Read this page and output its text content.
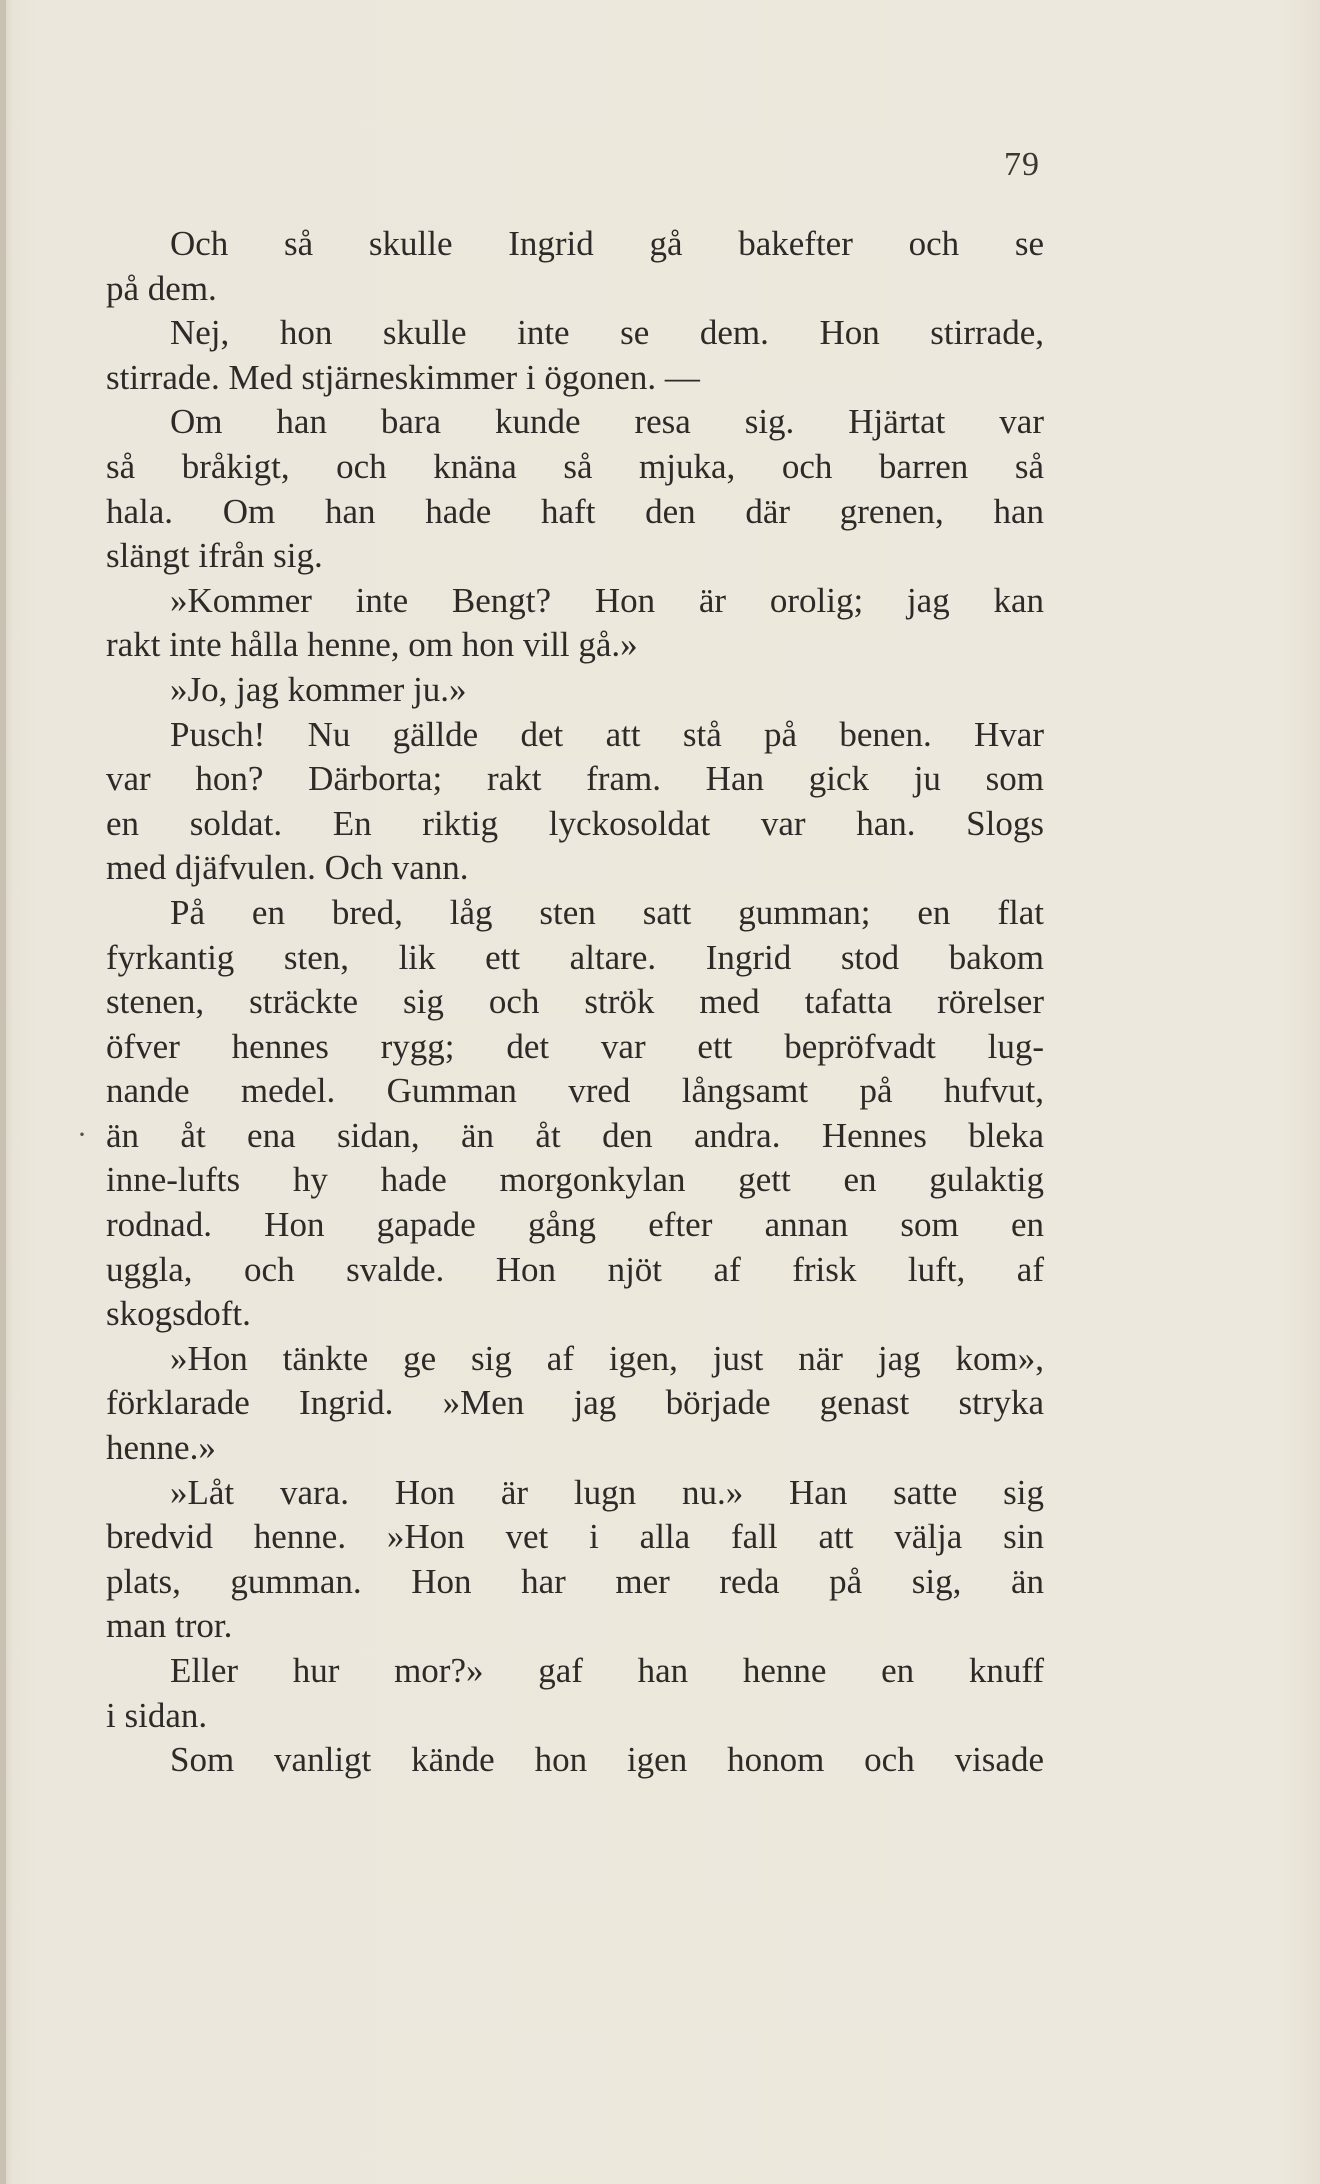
79
·
Och så skulle Ingrid gå bakefter och se
på dem.
Nej, hon skulle inte se dem. Hon stirrade,
stirrade. Med stjärneskimmer i ögonen. —
Om han bara kunde resa sig. Hjärtat var
så bråkigt, och knäna så mjuka, och barren så
hala. Om han hade haft den där grenen, han
slängt ifrån sig.
»Kommer inte Bengt? Hon är orolig; jag kan
rakt inte hålla henne, om hon vill gå.»
»Jo, jag kommer ju.»
Pusch! Nu gällde det att stå på benen. Hvar
var hon? Därborta; rakt fram. Han gick ju som
en soldat. En riktig lyckosoldat var han. Slogs
med djäfvulen. Och vann.
På en bred, låg sten satt gumman; en flat
fyrkantig sten, lik ett altare. Ingrid stod bakom
stenen, sträckte sig och strök med tafatta rörelser
öfver hennes rygg; det var ett bepröfvadt lug-
nande medel. Gumman vred långsamt på hufvut,
än åt ena sidan, än åt den andra. Hennes bleka
inne-lufts hy hade morgonkylan gett en gulaktig
rodnad. Hon gapade gång efter annan som en
uggla, och svalde. Hon njöt af frisk luft, af
skogsdoft.
»Hon tänkte ge sig af igen, just när jag kom»,
förklarade Ingrid. »Men jag började genast stryka
henne.»
»Låt vara. Hon är lugn nu.» Han satte sig
bredvid henne. »Hon vet i alla fall att välja sin
plats, gumman. Hon har mer reda på sig, än
man tror.
Eller hur mor?» gaf han henne en knuff
i sidan.
Som vanligt kände hon igen honom och visade
